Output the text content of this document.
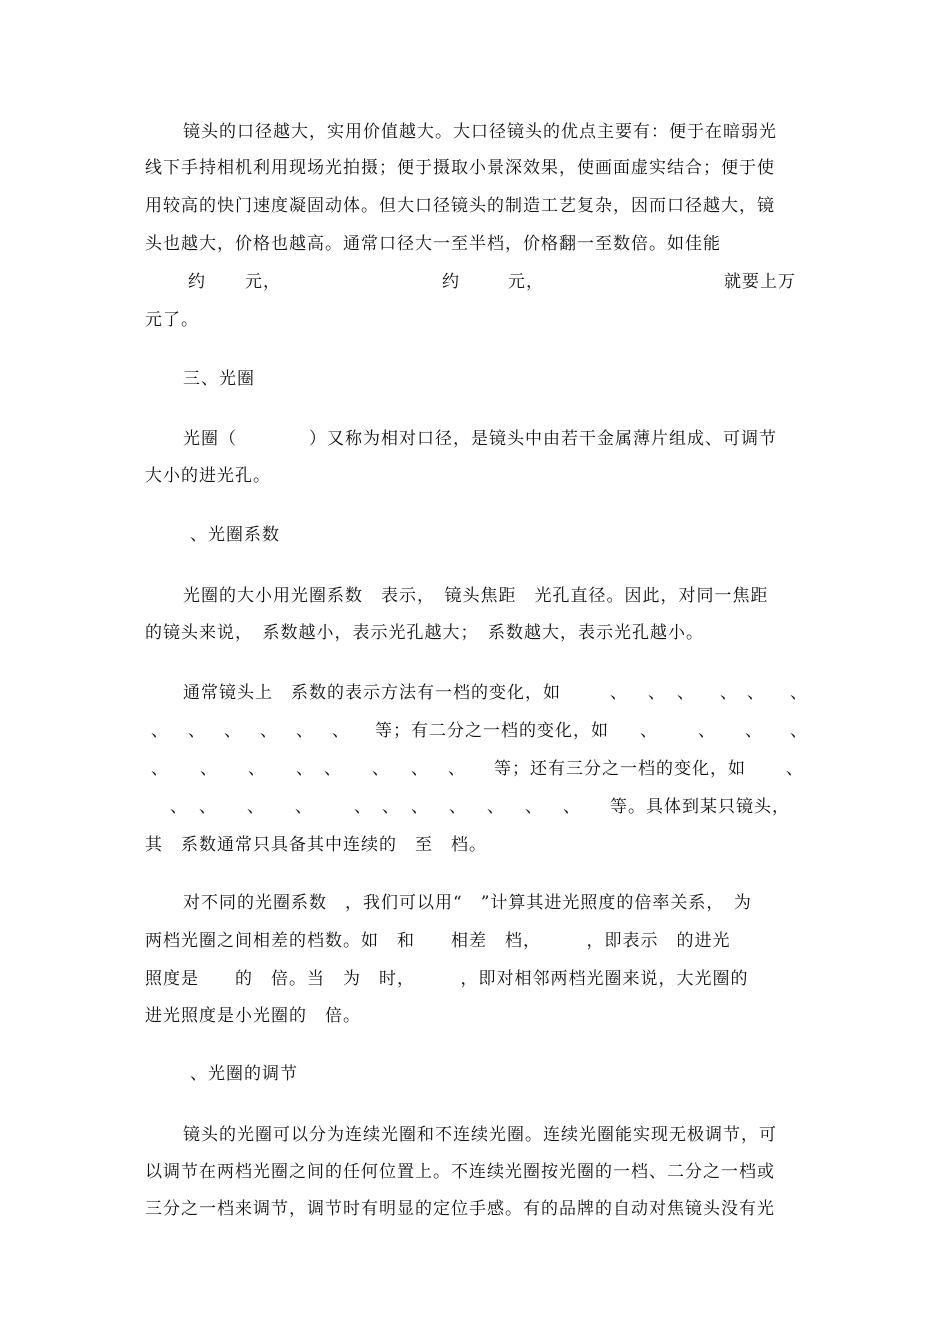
镜头的口径越大，实用价值越大。大口径镜头的优点主要有：便于在暗弱光
线下手持相机利用现场光拍摄；便于摄取小景深效果，使画面虚实结合；便于使
用较高的快门速度凝固动体。但大口径镜头的制造工艺复杂，因而口径越大，镜
头也越大，价格也越高。通常口径大一至半档，价格翻一至数倍。如佳能
约 元，	约	元，	就要上万
元了。
三、光圈
光圈（　　　　）又称为相对口径，是镜头中由若干金属薄片组成、可调节
大小的进光孔。
、光圈系数
光圈的大小用光圈系数　表示，　镜头焦距　光孔直径。因此，对同一焦距
的镜头来说，　系数越小，表示光孔越大；　系数越大，表示光孔越小。
通常镜头上　系数的表示方法有一档的变化，如	、 、 、 、 、 、
、 、 、 、 、 、 等；有二分之一档的变化，如 、 、 、 、
、 、 、 、 、 、 、 、 等；还有三分之一档的变化，如 、
、 、 、 、 、 、 、 、 、 、 、 等。具体到某只镜头，
其　系数通常只具备其中连续的　至　档。
对不同的光圈系数　，我们可以用“　”计算其进光照度的倍率关系，　为
两档光圈之间相差的档数。如　和　　相差　档，　　　，即表示　的进光
照度是　　的　倍。当　为　时，　　　，即对相邻两档光圈来说，大光圈的
进光照度是小光圈的　倍。
、光圈的调节
镜头的光圈可以分为连续光圈和不连续光圈。连续光圈能实现无极调节，可
以调节在两档光圈之间的任何位置上。不连续光圈按光圈的一档、二分之一档或
三分之一档来调节，调节时有明显的定位手感。有的品牌的自动对焦镜头没有光
